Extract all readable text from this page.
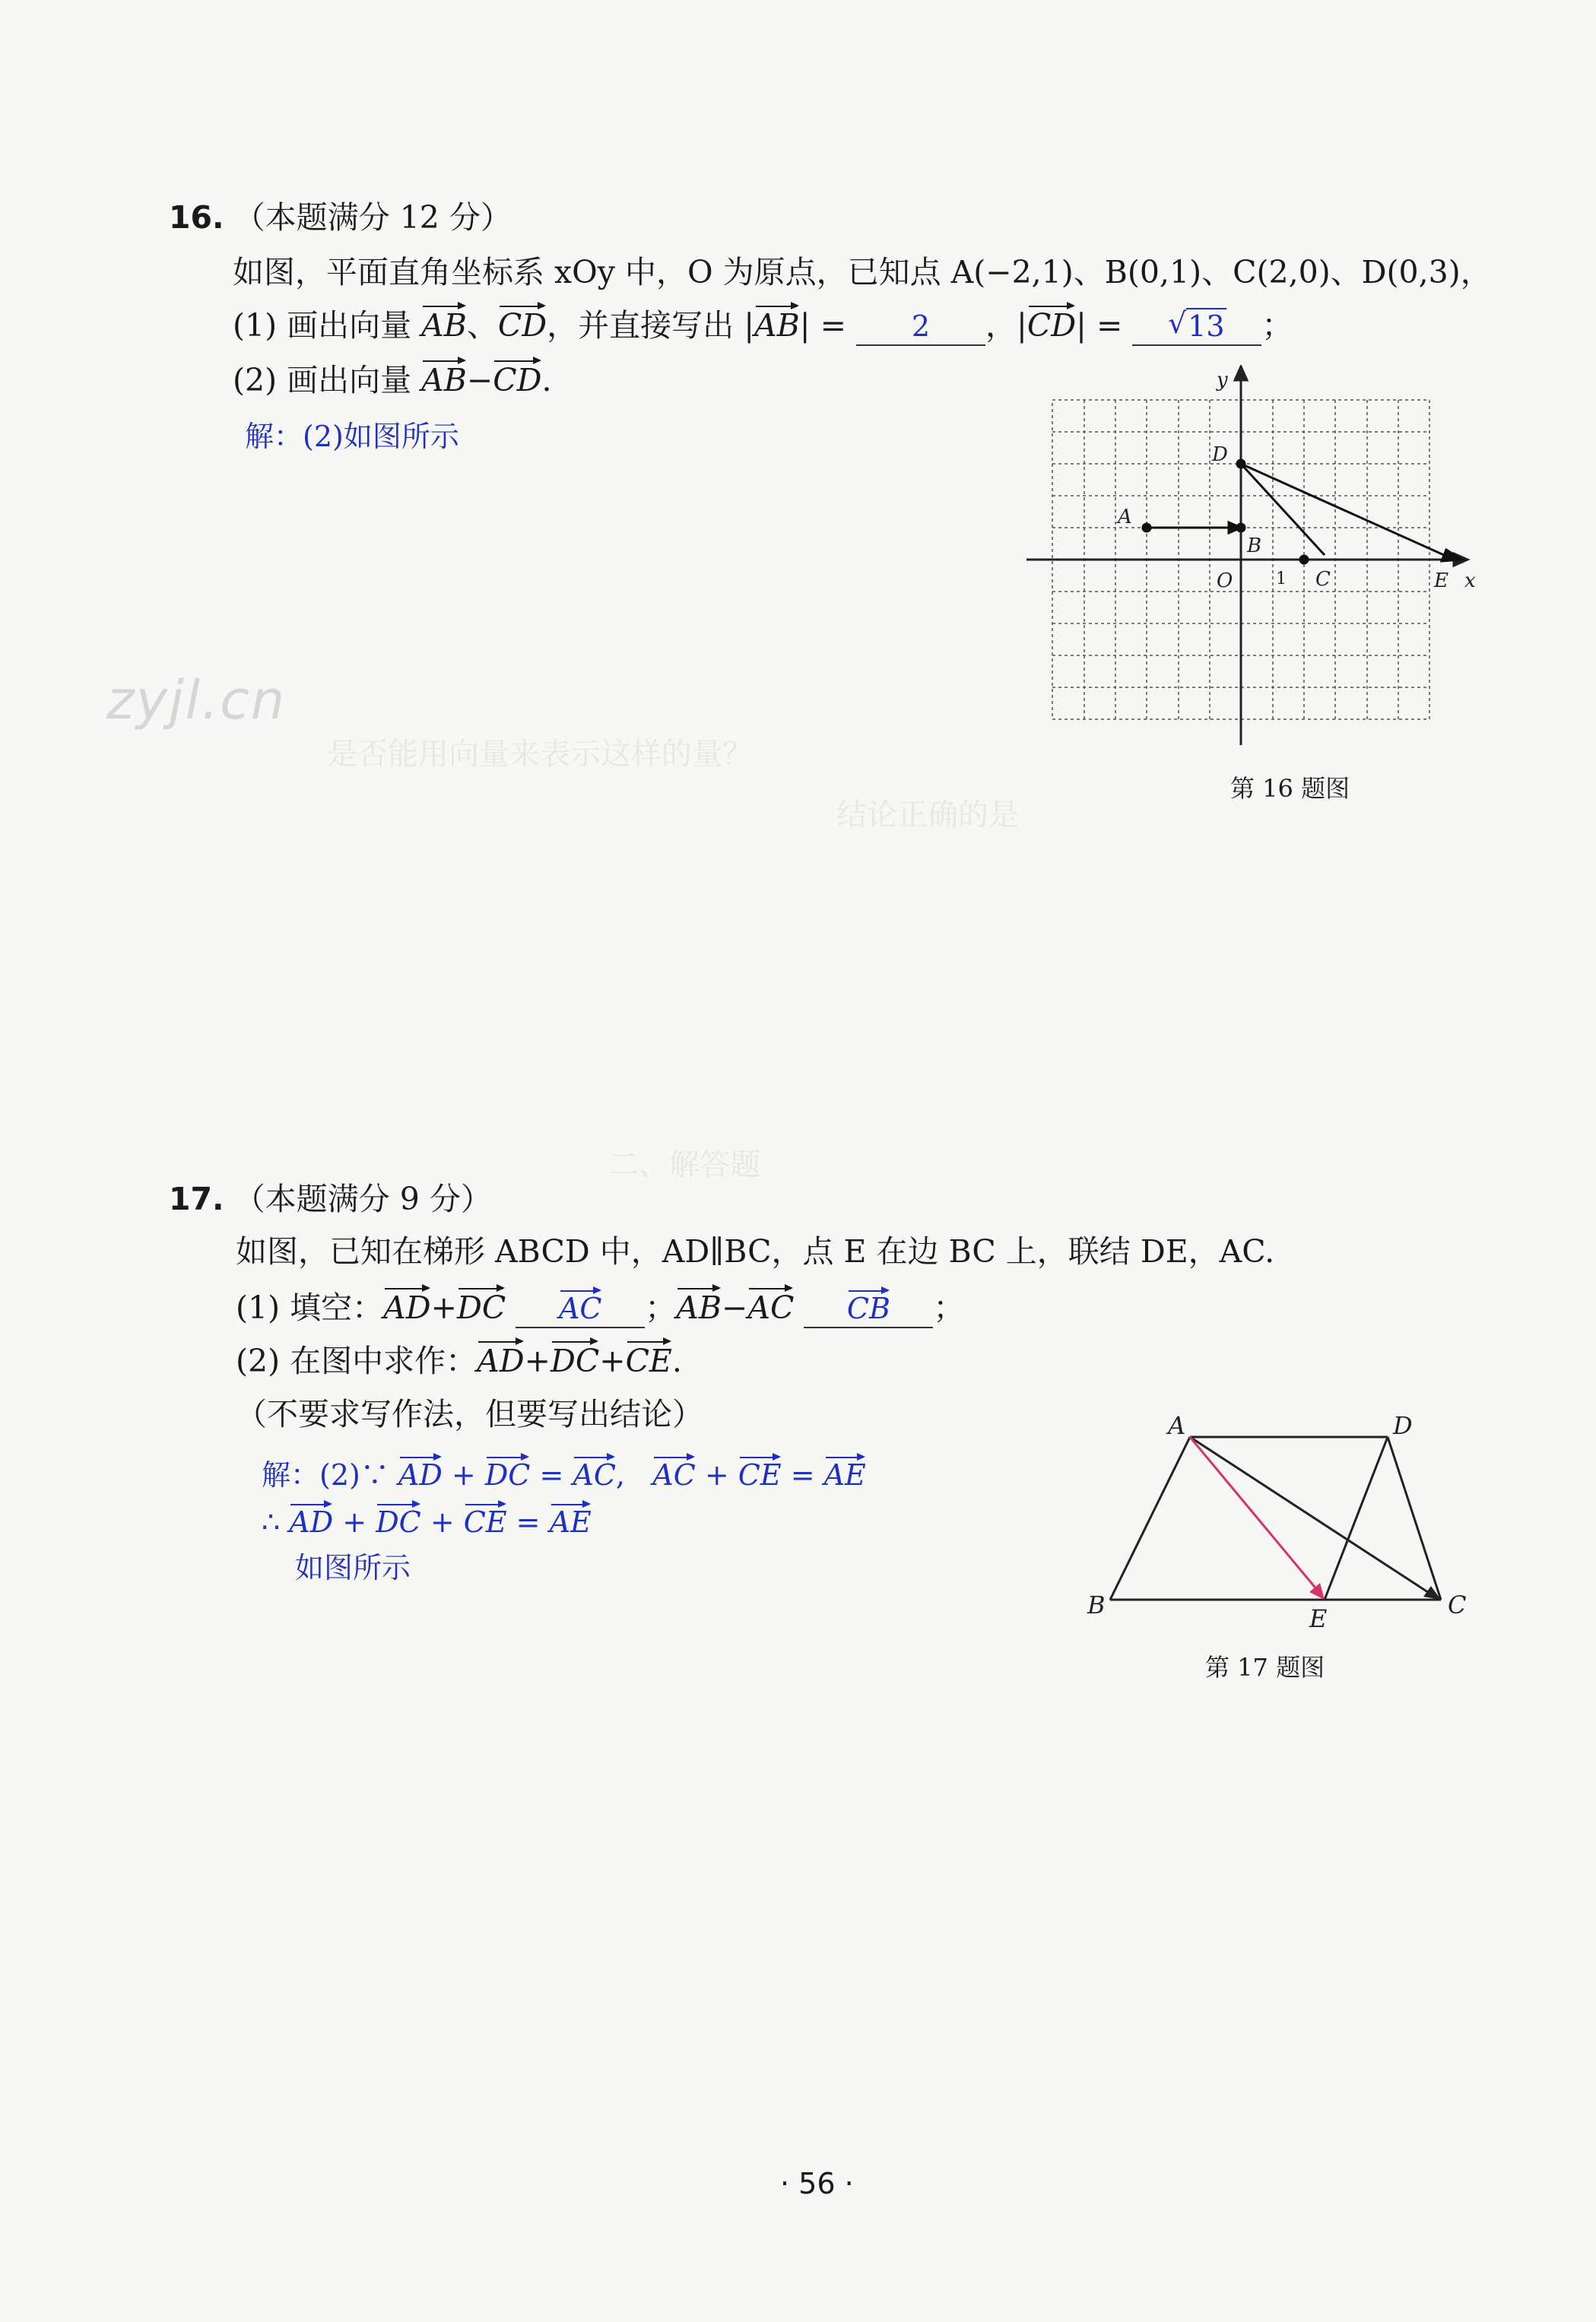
是否能用向量来表示这样的量？
结论正确的是
二、解答题
zyjl.cn
16. （本题满分 12 分）
如图，平面直角坐标系 xOy 中，O 为原点，已知点 A(−2,1)、B(0,1)、C(2,0)、D(0,3)，
(1) 画出向量 AB、CD，并直接写出 |AB| = 2 ，|CD| = √ 13 ；
(2) 画出向量 AB−CD.
解：(2)如图所示
y
x
A
B
C
D
E
O	1
第 16 题图
17. （本题满分 9 分）
如图，已知在梯形 ABCD 中，AD∥BC，点 E 在边 BC 上，联结 DE，AC.
(1) 填空：AD+DC AC ；AB−AC CB ；
(2) 在图中求作：AD+DC+CE.
（不要求写作法，但要写出结论）
解：(2)∵ AD + DC = AC,   AC + CE = AE
∴ AD + DC + CE = AE
如图所示
A
B	C
D
E
第 17 题图
· 56 ·
